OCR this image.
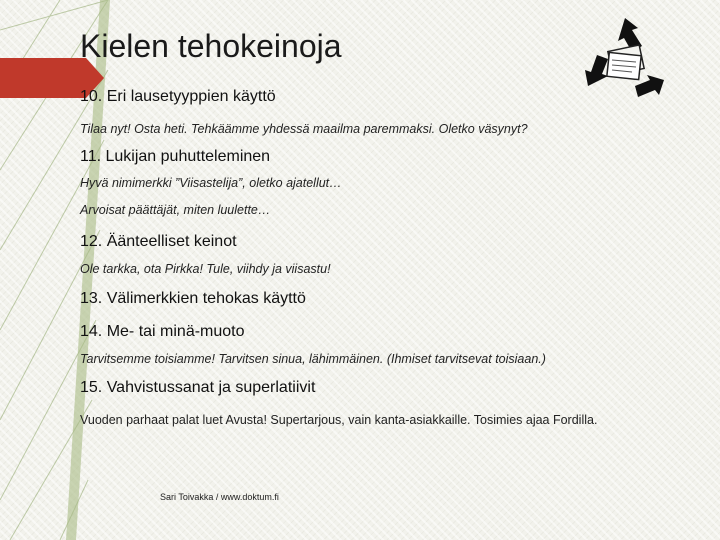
Kielen tehokeinoja
10. Eri lausetyyppien käyttö
Tilaa nyt! Osta heti. Tehkäämme yhdessä maailma paremmaksi. Oletko väsynyt?
11. Lukijan puhutteleminen
Hyvä nimimerkki ”Viisastelija”, oletko ajatellut…
Arvoisat päättäjät, miten luulette…
12. Äänteelliset keinot
Ole tarkka, ota Pirkka! Tule, viihdy ja viisastu!
13. Välimerkkien tehokas käyttö
14. Me- tai minä-muoto
Tarvitsemme toisiamme! Tarvitsen sinua, lähimmäinen. (Ihmiset tarvitsevat toisiaan.)
15. Vahvistussanat ja superlatiivit
Vuoden parhaat palat luet Avusta! Supertarjous, vain kanta-asiakkaille. Tosimies ajaa Fordilla.
Sari Toivakka / www.doktum.fi
